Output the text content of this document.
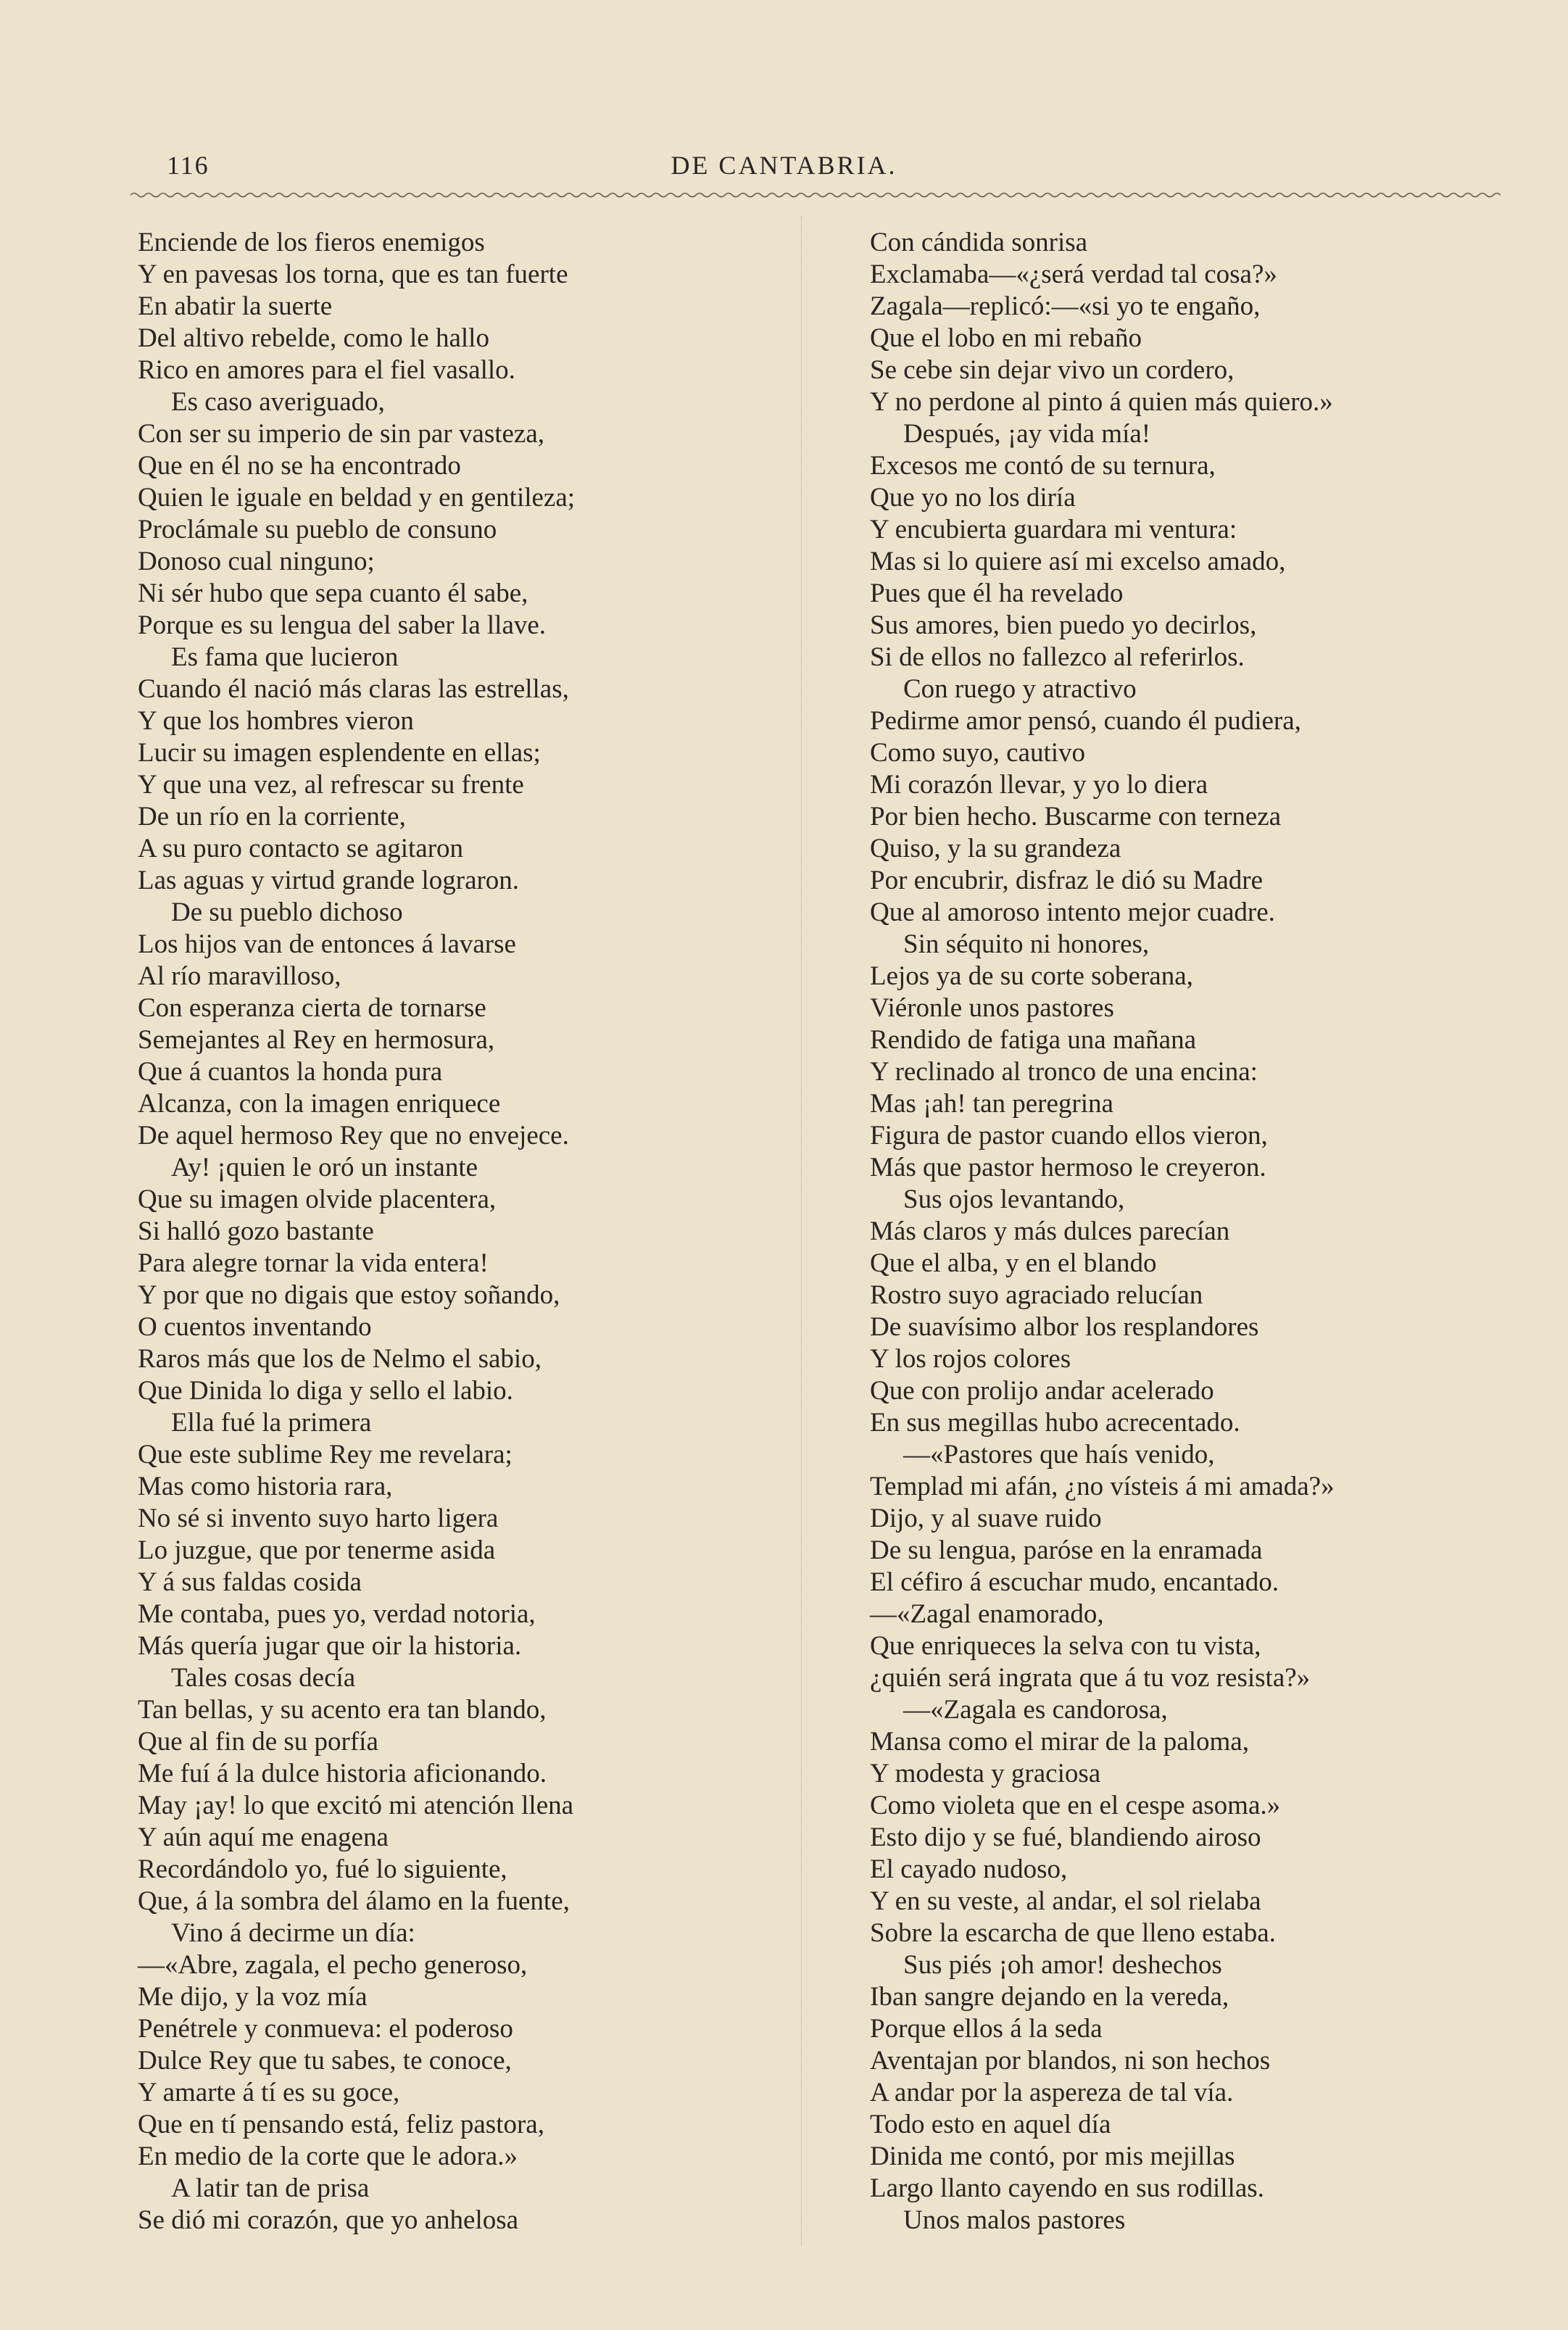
116	DE CANTABRIA.
Enciende de los fieros enemigos
Y en pavesas los torna, que es tan fuerte
En abatir la suerte
Del altivo rebelde, como le hallo
Rico en amores para el fiel vasallo.
Es caso averiguado,
Con ser su imperio de sin par vasteza,
Que en él no se ha encontrado
Quien le iguale en beldad y en gentileza;
Proclámale su pueblo de consuno
Donoso cual ninguno;
Ni sér hubo que sepa cuanto él sabe,
Porque es su lengua del saber la llave.
Es fama que lucieron
Cuando él nació más claras las estrellas,
Y que los hombres vieron
Lucir su imagen esplendente en ellas;
Y que una vez, al refrescar su frente
De un río en la corriente,
A su puro contacto se agitaron
Las aguas y virtud grande lograron.
De su pueblo dichoso
Los hijos van de entonces á lavarse
Al río maravilloso,
Con esperanza cierta de tornarse
Semejantes al Rey en hermosura,
Que á cuantos la honda pura
Alcanza, con la imagen enriquece
De aquel hermoso Rey que no envejece.
Ay! ¡quien le oró un instante
Que su imagen olvide placentera,
Si halló gozo bastante
Para alegre tornar la vida entera!
Y por que no digais que estoy soñando,
O cuentos inventando
Raros más que los de Nelmo el sabio,
Que Dinida lo diga y sello el labio.
Ella fué la primera
Que este sublime Rey me revelara;
Mas como historia rara,
No sé si invento suyo harto ligera
Lo juzgue, que por tenerme asida
Y á sus faldas cosida
Me contaba, pues yo, verdad notoria,
Más quería jugar que oir la historia.
Tales cosas decía
Tan bellas, y su acento era tan blando,
Que al fin de su porfía
Me fuí á la dulce historia aficionando.
May ¡ay! lo que excitó mi atención llena
Y aún aquí me enagena
Recordándolo yo, fué lo siguiente,
Que, á la sombra del álamo en la fuente,
Vino á decirme un día:
—«Abre, zagala, el pecho generoso,
Me dijo, y la voz mía
Penétrele y conmueva: el poderoso
Dulce Rey que tu sabes, te conoce,
Y amarte á tí es su goce,
Que en tí pensando está, feliz pastora,
En medio de la corte que le adora.»
A latir tan de prisa
Se dió mi corazón, que yo anhelosa
Con cándida sonrisa
Exclamaba—«¿será verdad tal cosa?»
Zagala—replicó:—«si yo te engaño,
Que el lobo en mi rebaño
Se cebe sin dejar vivo un cordero,
Y no perdone al pinto á quien más quiero.»
Después, ¡ay vida mía!
Excesos me contó de su ternura,
Que yo no los diría
Y encubierta guardara mi ventura:
Mas si lo quiere así mi excelso amado,
Pues que él ha revelado
Sus amores, bien puedo yo decirlos,
Si de ellos no fallezco al referirlos.
Con ruego y atractivo
Pedirme amor pensó, cuando él pudiera,
Como suyo, cautivo
Mi corazón llevar, y yo lo diera
Por bien hecho. Buscarme con terneza
Quiso, y la su grandeza
Por encubrir, disfraz le dió su Madre
Que al amoroso intento mejor cuadre.
Sin séquito ni honores,
Lejos ya de su corte soberana,
Viéronle unos pastores
Rendido de fatiga una mañana
Y reclinado al tronco de una encina:
Mas ¡ah! tan peregrina
Figura de pastor cuando ellos vieron,
Más que pastor hermoso le creyeron.
Sus ojos levantando,
Más claros y más dulces parecían
Que el alba, y en el blando
Rostro suyo agraciado relucían
De suavísimo albor los resplandores
Y los rojos colores
Que con prolijo andar acelerado
En sus megillas hubo acrecentado.
—«Pastores que haís venido,
Templad mi afán, ¿no vísteis á mi amada?»
Dijo, y al suave ruido
De su lengua, paróse en la enramada
El céfiro á escuchar mudo, encantado.
—«Zagal enamorado,
Que enriqueces la selva con tu vista,
¿quién será ingrata que á tu voz resista?»
—«Zagala es candorosa,
Mansa como el mirar de la paloma,
Y modesta y graciosa
Como violeta que en el cespe asoma.»
Esto dijo y se fué, blandiendo airoso
El cayado nudoso,
Y en su veste, al andar, el sol rielaba
Sobre la escarcha de que lleno estaba.
Sus piés ¡oh amor! deshechos
Iban sangre dejando en la vereda,
Porque ellos á la seda
Aventajan por blandos, ni son hechos
A andar por la aspereza de tal vía.
Todo esto en aquel día
Dinida me contó, por mis mejillas
Largo llanto cayendo en sus rodillas.
Unos malos pastores
